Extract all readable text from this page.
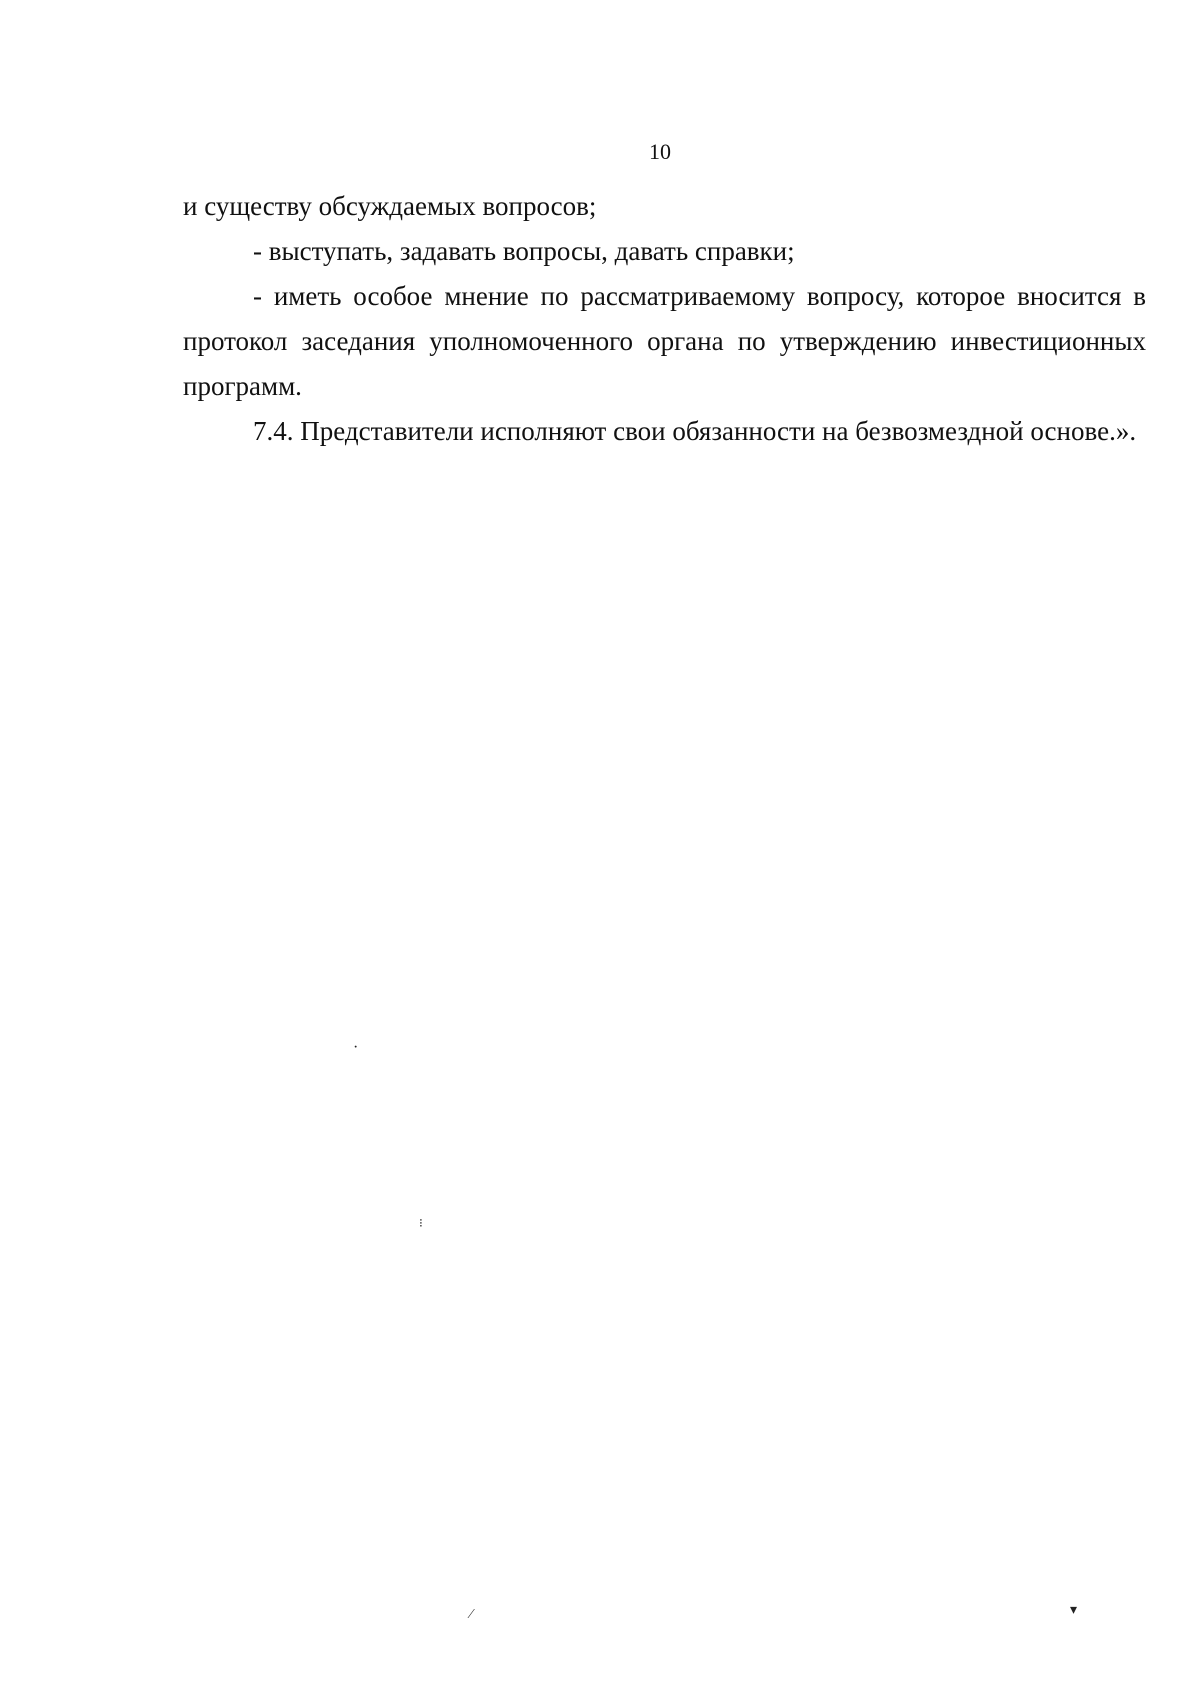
10

и существу обсуждаемых вопросов;

- выступать, задавать вопросы, давать справки;

- иметь особое мнение по рассматриваемому вопросу, которое вносится в протокол заседания уполномоченного органа по утверждению инвестиционных программ.

7.4. Представители исполняют свои обязанности на безвозмездной основе.».

·
⁝
⁄	▾
